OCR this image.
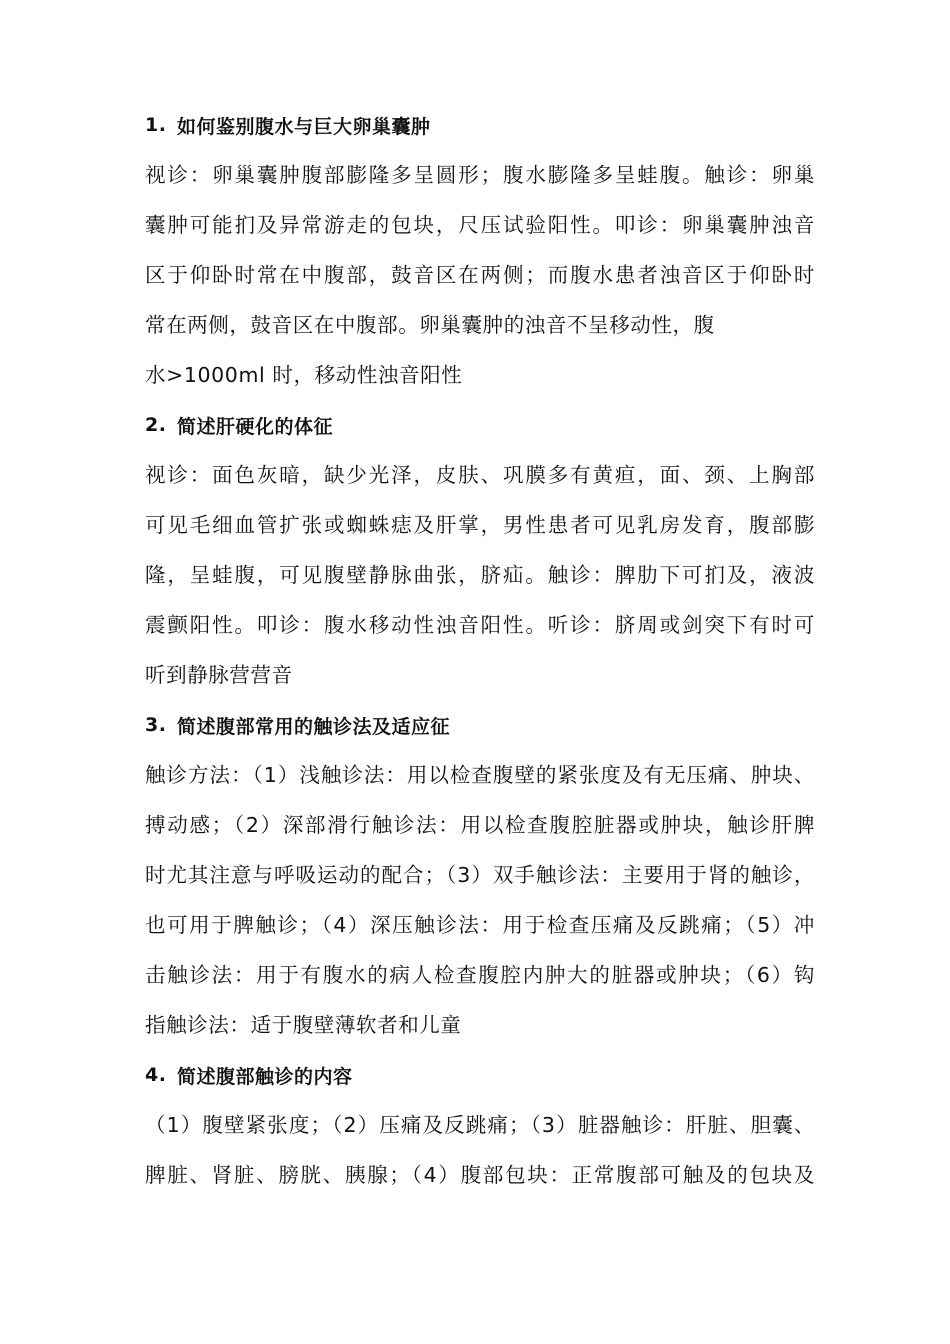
1. 如何鉴别腹水与巨大卵巢囊肿
视诊：卵巢囊肿腹部膨隆多呈圆形；腹水膨隆多呈蛙腹。触诊：卵巢
囊肿可能扪及异常游走的包块，尺压试验阳性。叩诊：卵巢囊肿浊音
区于仰卧时常在中腹部，鼓音区在两侧；而腹水患者浊音区于仰卧时
常在两侧，鼓音区在中腹部。卵巢囊肿的浊音不呈移动性，腹
水>1000ml 时，移动性浊音阳性
2. 简述肝硬化的体征
视诊：面色灰暗，缺少光泽，皮肤、巩膜多有黄疸，面、颈、上胸部
可见毛细血管扩张或蜘蛛痣及肝掌，男性患者可见乳房发育，腹部膨
隆，呈蛙腹，可见腹壁静脉曲张，脐疝。触诊：脾肋下可扪及，液波
震颤阳性。叩诊：腹水移动性浊音阳性。听诊：脐周或剑突下有时可
听到静脉营营音
3. 简述腹部常用的触诊法及适应征
触诊方法：（1）浅触诊法：用以检查腹壁的紧张度及有无压痛、肿块、
搏动感；（2）深部滑行触诊法：用以检查腹腔脏器或肿块，触诊肝脾
时尤其注意与呼吸运动的配合；（3）双手触诊法：主要用于肾的触诊，
也可用于脾触诊；（4）深压触诊法：用于检查压痛及反跳痛；（5）冲
击触诊法：用于有腹水的病人检查腹腔内肿大的脏器或肿块；（6）钩
指触诊法：适于腹壁薄软者和儿童
4. 简述腹部触诊的内容
（1）腹壁紧张度；（2）压痛及反跳痛；（3）脏器触诊：肝脏、胆囊、
脾脏、肾脏、膀胱、胰腺；（4）腹部包块：正常腹部可触及的包块及
